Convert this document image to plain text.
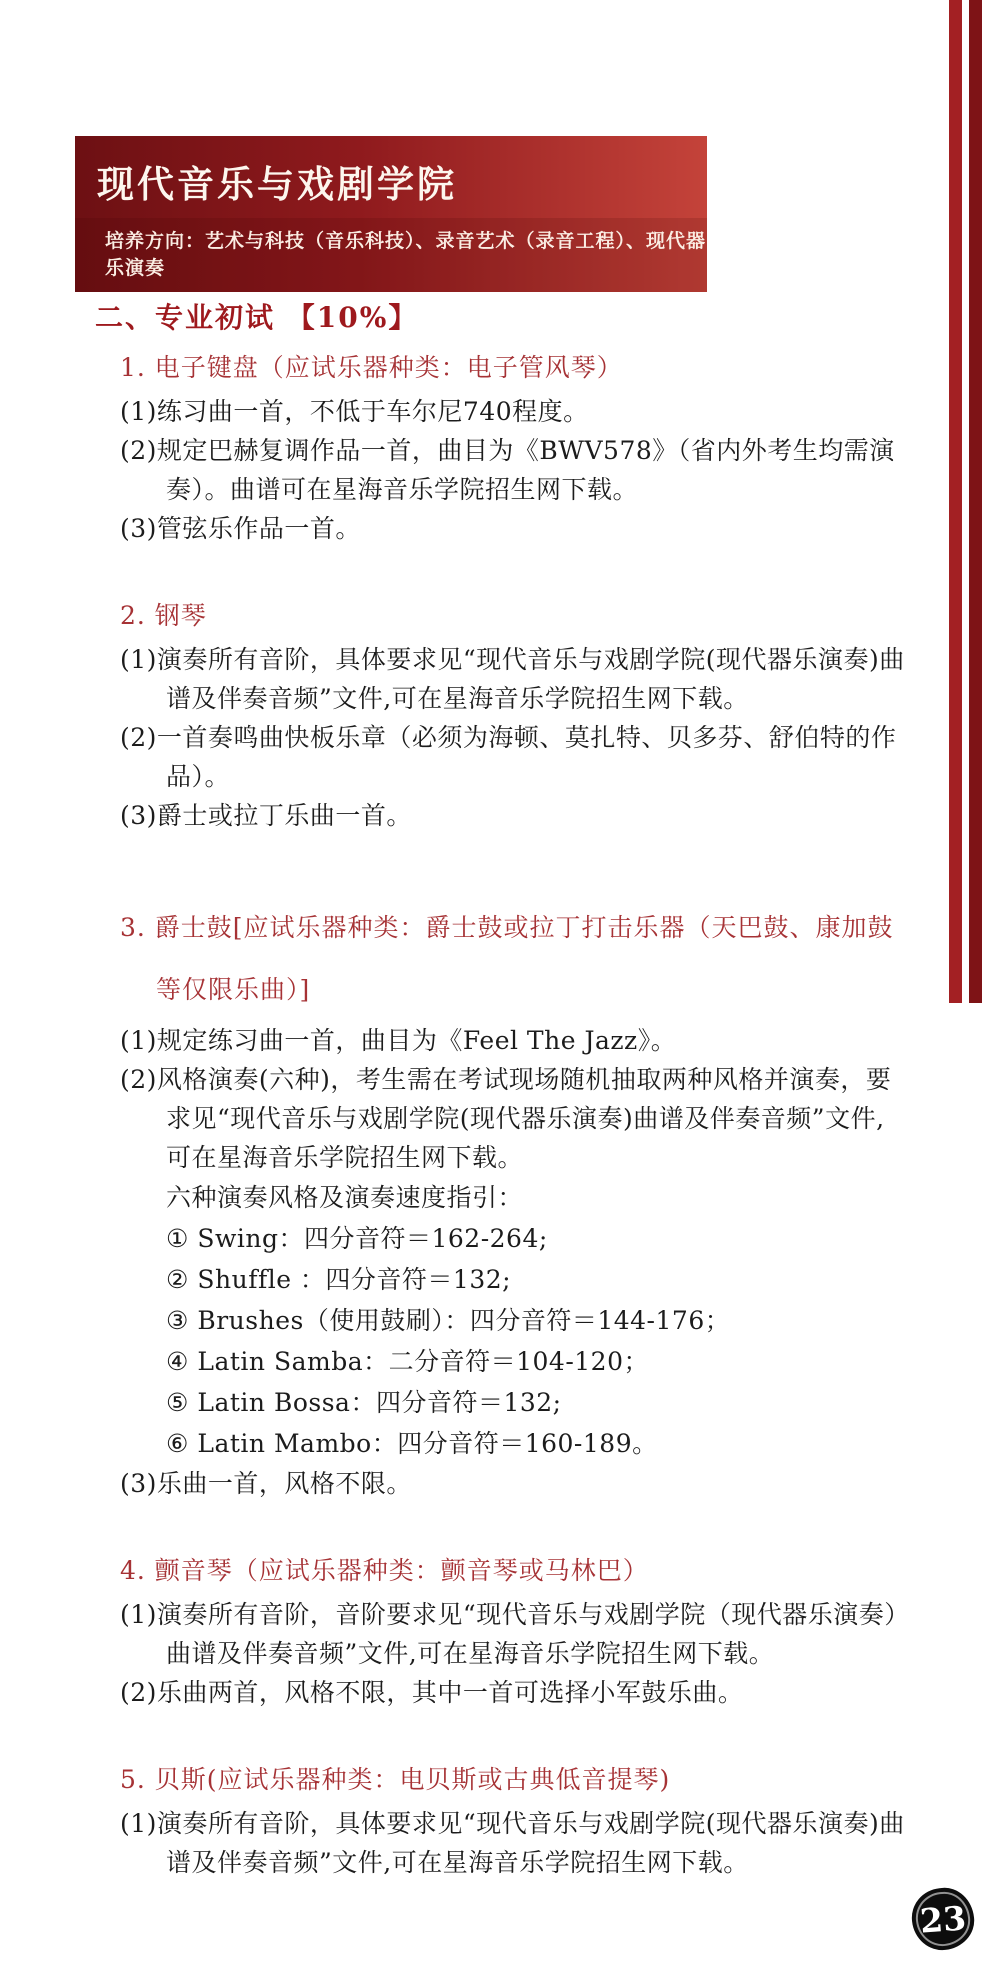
现代音乐与戏剧学院
培养方向：艺术与科技（音乐科技）、录音艺术（录音工程）、现代器乐演奏
二、专业初试 【10%】
1. 电子键盘（应试乐器种类：电子管风琴）
(1)练习曲一首，不低于车尔尼740程度。
(2)规定巴赫复调作品一首，曲目为《BWV578》（省内外考生均需演奏）。曲谱可在星海音乐学院招生网下载。
(3)管弦乐作品一首。
2. 钢琴
(1)演奏所有音阶，具体要求见“现代音乐与戏剧学院(现代器乐演奏)曲谱及伴奏音频”文件,可在星海音乐学院招生网下载。
(2)一首奏鸣曲快板乐章（必须为海顿、莫扎特、贝多芬、舒伯特的作品）。
(3)爵士或拉丁乐曲一首。
3. 爵士鼓[应试乐器种类：爵士鼓或拉丁打击乐器（天巴鼓、康加鼓等仅限乐曲）]
(1)规定练习曲一首，曲目为《Feel The Jazz》。
(2)风格演奏(六种)，考生需在考试现场随机抽取两种风格并演奏，要求见“现代音乐与戏剧学院(现代器乐演奏)曲谱及伴奏音频”文件,可在星海音乐学院招生网下载。
六种演奏风格及演奏速度指引：
① Swing：四分音符＝162-264;
② Shuffle ：四分音符＝132;
③ Brushes（使用鼓刷）：四分音符＝144-176；
④ Latin Samba：二分音符＝104-120；
⑤ Latin Bossa：四分音符＝132;
⑥ Latin Mambo：四分音符＝160-189。
(3)乐曲一首，风格不限。
4. 颤音琴（应试乐器种类：颤音琴或马林巴）
(1)演奏所有音阶，音阶要求见“现代音乐与戏剧学院（现代器乐演奏）曲谱及伴奏音频”文件,可在星海音乐学院招生网下载。
(2)乐曲两首，风格不限，其中一首可选择小军鼓乐曲。
5. 贝斯(应试乐器种类：电贝斯或古典低音提琴)
(1)演奏所有音阶，具体要求见“现代音乐与戏剧学院(现代器乐演奏)曲谱及伴奏音频”文件,可在星海音乐学院招生网下载。
23
